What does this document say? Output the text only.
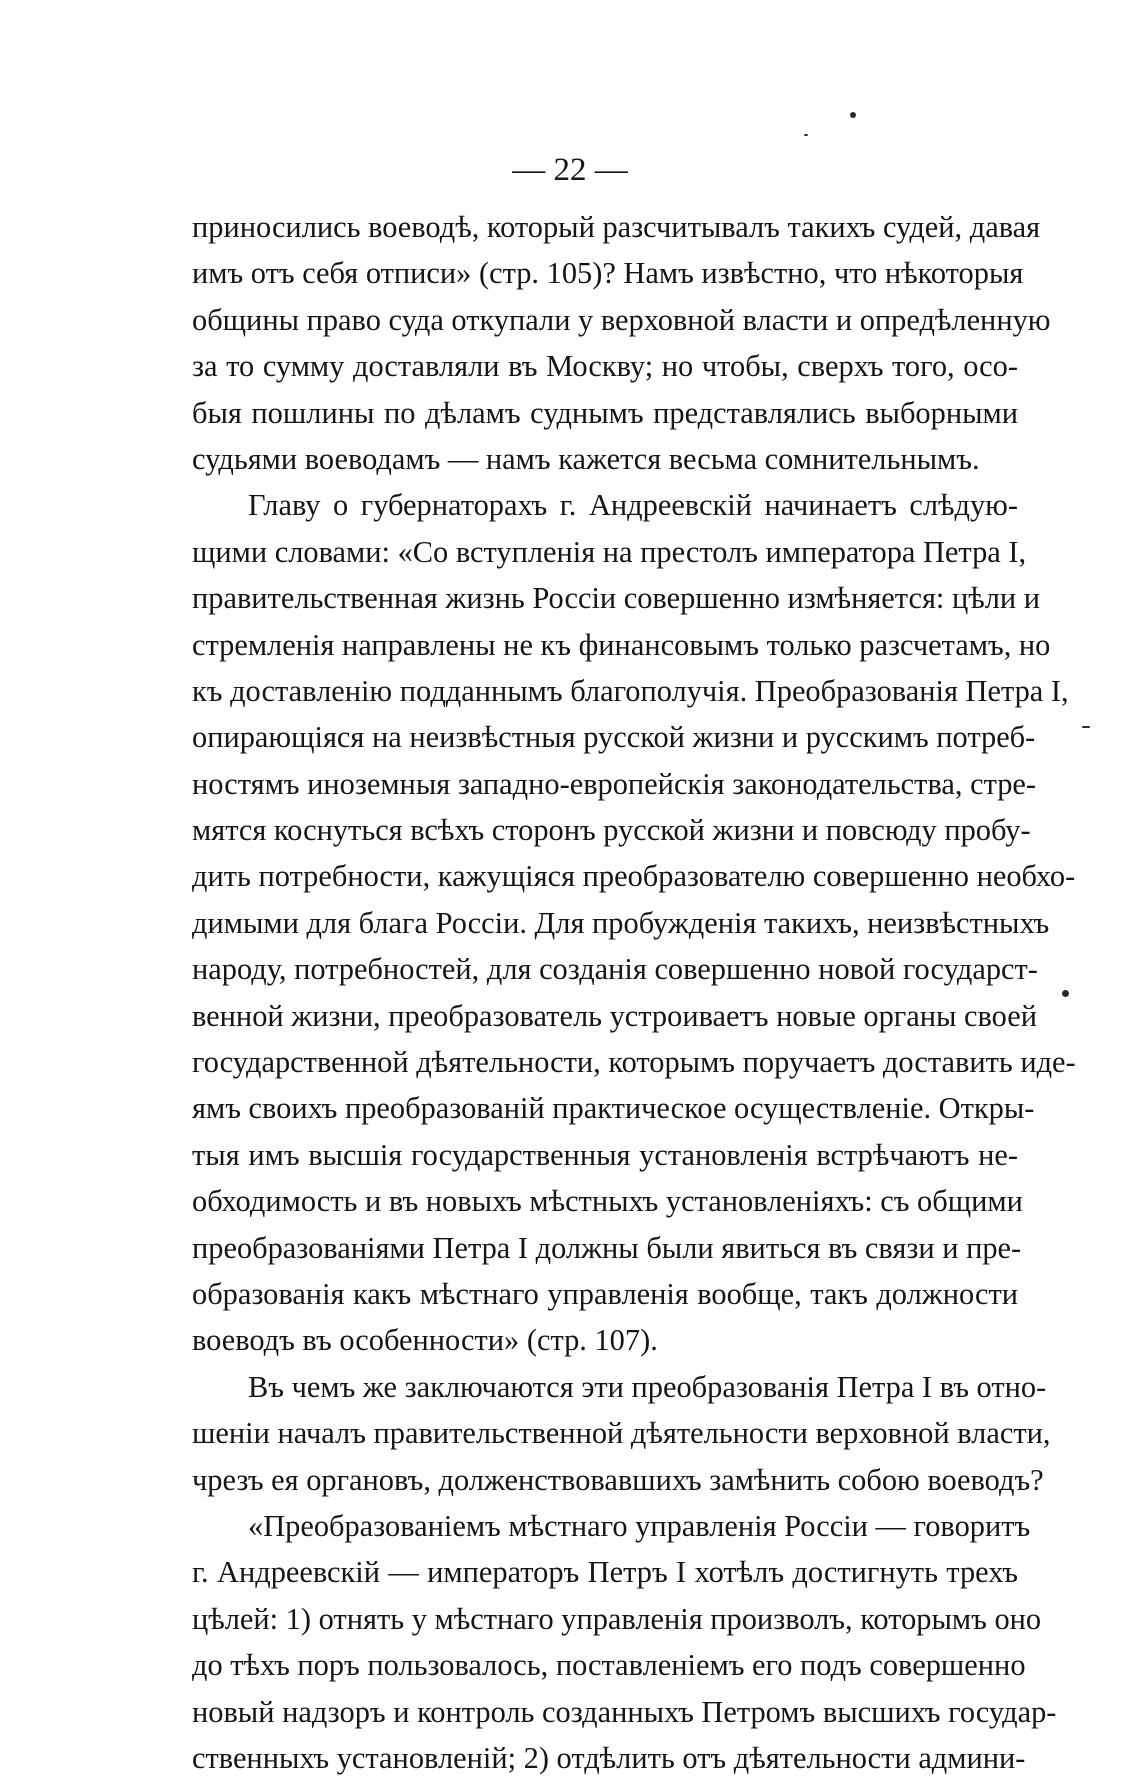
— 22 —
приносились воеводѣ, который разсчитывалъ такихъ судей, давая
имъ отъ себя отписи» (стр. 105)? Намъ извѣстно, что нѣкоторыя
общины право суда откупали у верховной власти и опредѣленную
за то сумму доставляли въ Москву; но чтобы, сверхъ того, осо-
быя пошлины по дѣламъ суднымъ представлялись выборными
судьями воеводамъ — намъ кажется весьма сомнительнымъ.
Главу о губернаторахъ г. Андреевскій начинаетъ слѣдую-
щими словами: «Со вступленія на престолъ императора Петра I,
правительственная жизнь Россіи совершенно измѣняется: цѣли и
стремленія направлены не къ финансовымъ только разсчетамъ, но
къ доставленію подданнымъ благополучія. Преобразованія Петра I,
опирающіяся на неизвѣстныя русской жизни и русскимъ потреб-
ностямъ иноземныя западно-европейскія законодательства, стре-
мятся коснуться всѣхъ сторонъ русской жизни и повсюду пробу-
дить потребности, кажущіяся преобразователю совершенно необхо-
димыми для блага Россіи. Для пробужденія такихъ, неизвѣстныхъ
народу, потребностей, для созданія совершенно новой государст-
венной жизни, преобразователь устроиваетъ новые органы своей
государственной дѣятельности, которымъ поручаетъ доставить иде-
ямъ своихъ преобразованій практическое осуществленіе. Откры-
тыя имъ высшія государственныя установленія встрѣчаютъ не-
обходимость и въ новыхъ мѣстныхъ установленіяхъ: съ общими
преобразованіями Петра I должны были явиться въ связи и пре-
образованія какъ мѣстнаго управленія вообще, такъ должности
воеводъ въ особенности» (стр. 107).
Въ чемъ же заключаются эти преобразованія Петра I въ отно-
шеніи началъ правительственной дѣятельности верховной власти,
чрезъ ея органовъ, долженствовавшихъ замѣнить собою воеводъ?
«Преобразованіемъ мѣстнаго управленія Россіи — говоритъ
г. Андреевскій — императоръ Петръ I хотѣлъ достигнуть трехъ
цѣлей: 1) отнять у мѣстнаго управленія произволъ, которымъ оно
до тѣхъ поръ пользовалось, поставленіемъ его подъ совершенно
новый надзоръ и контроль созданныхъ Петромъ высшихъ государ-
ственныхъ установленій; 2) отдѣлить отъ дѣятельности админи-
